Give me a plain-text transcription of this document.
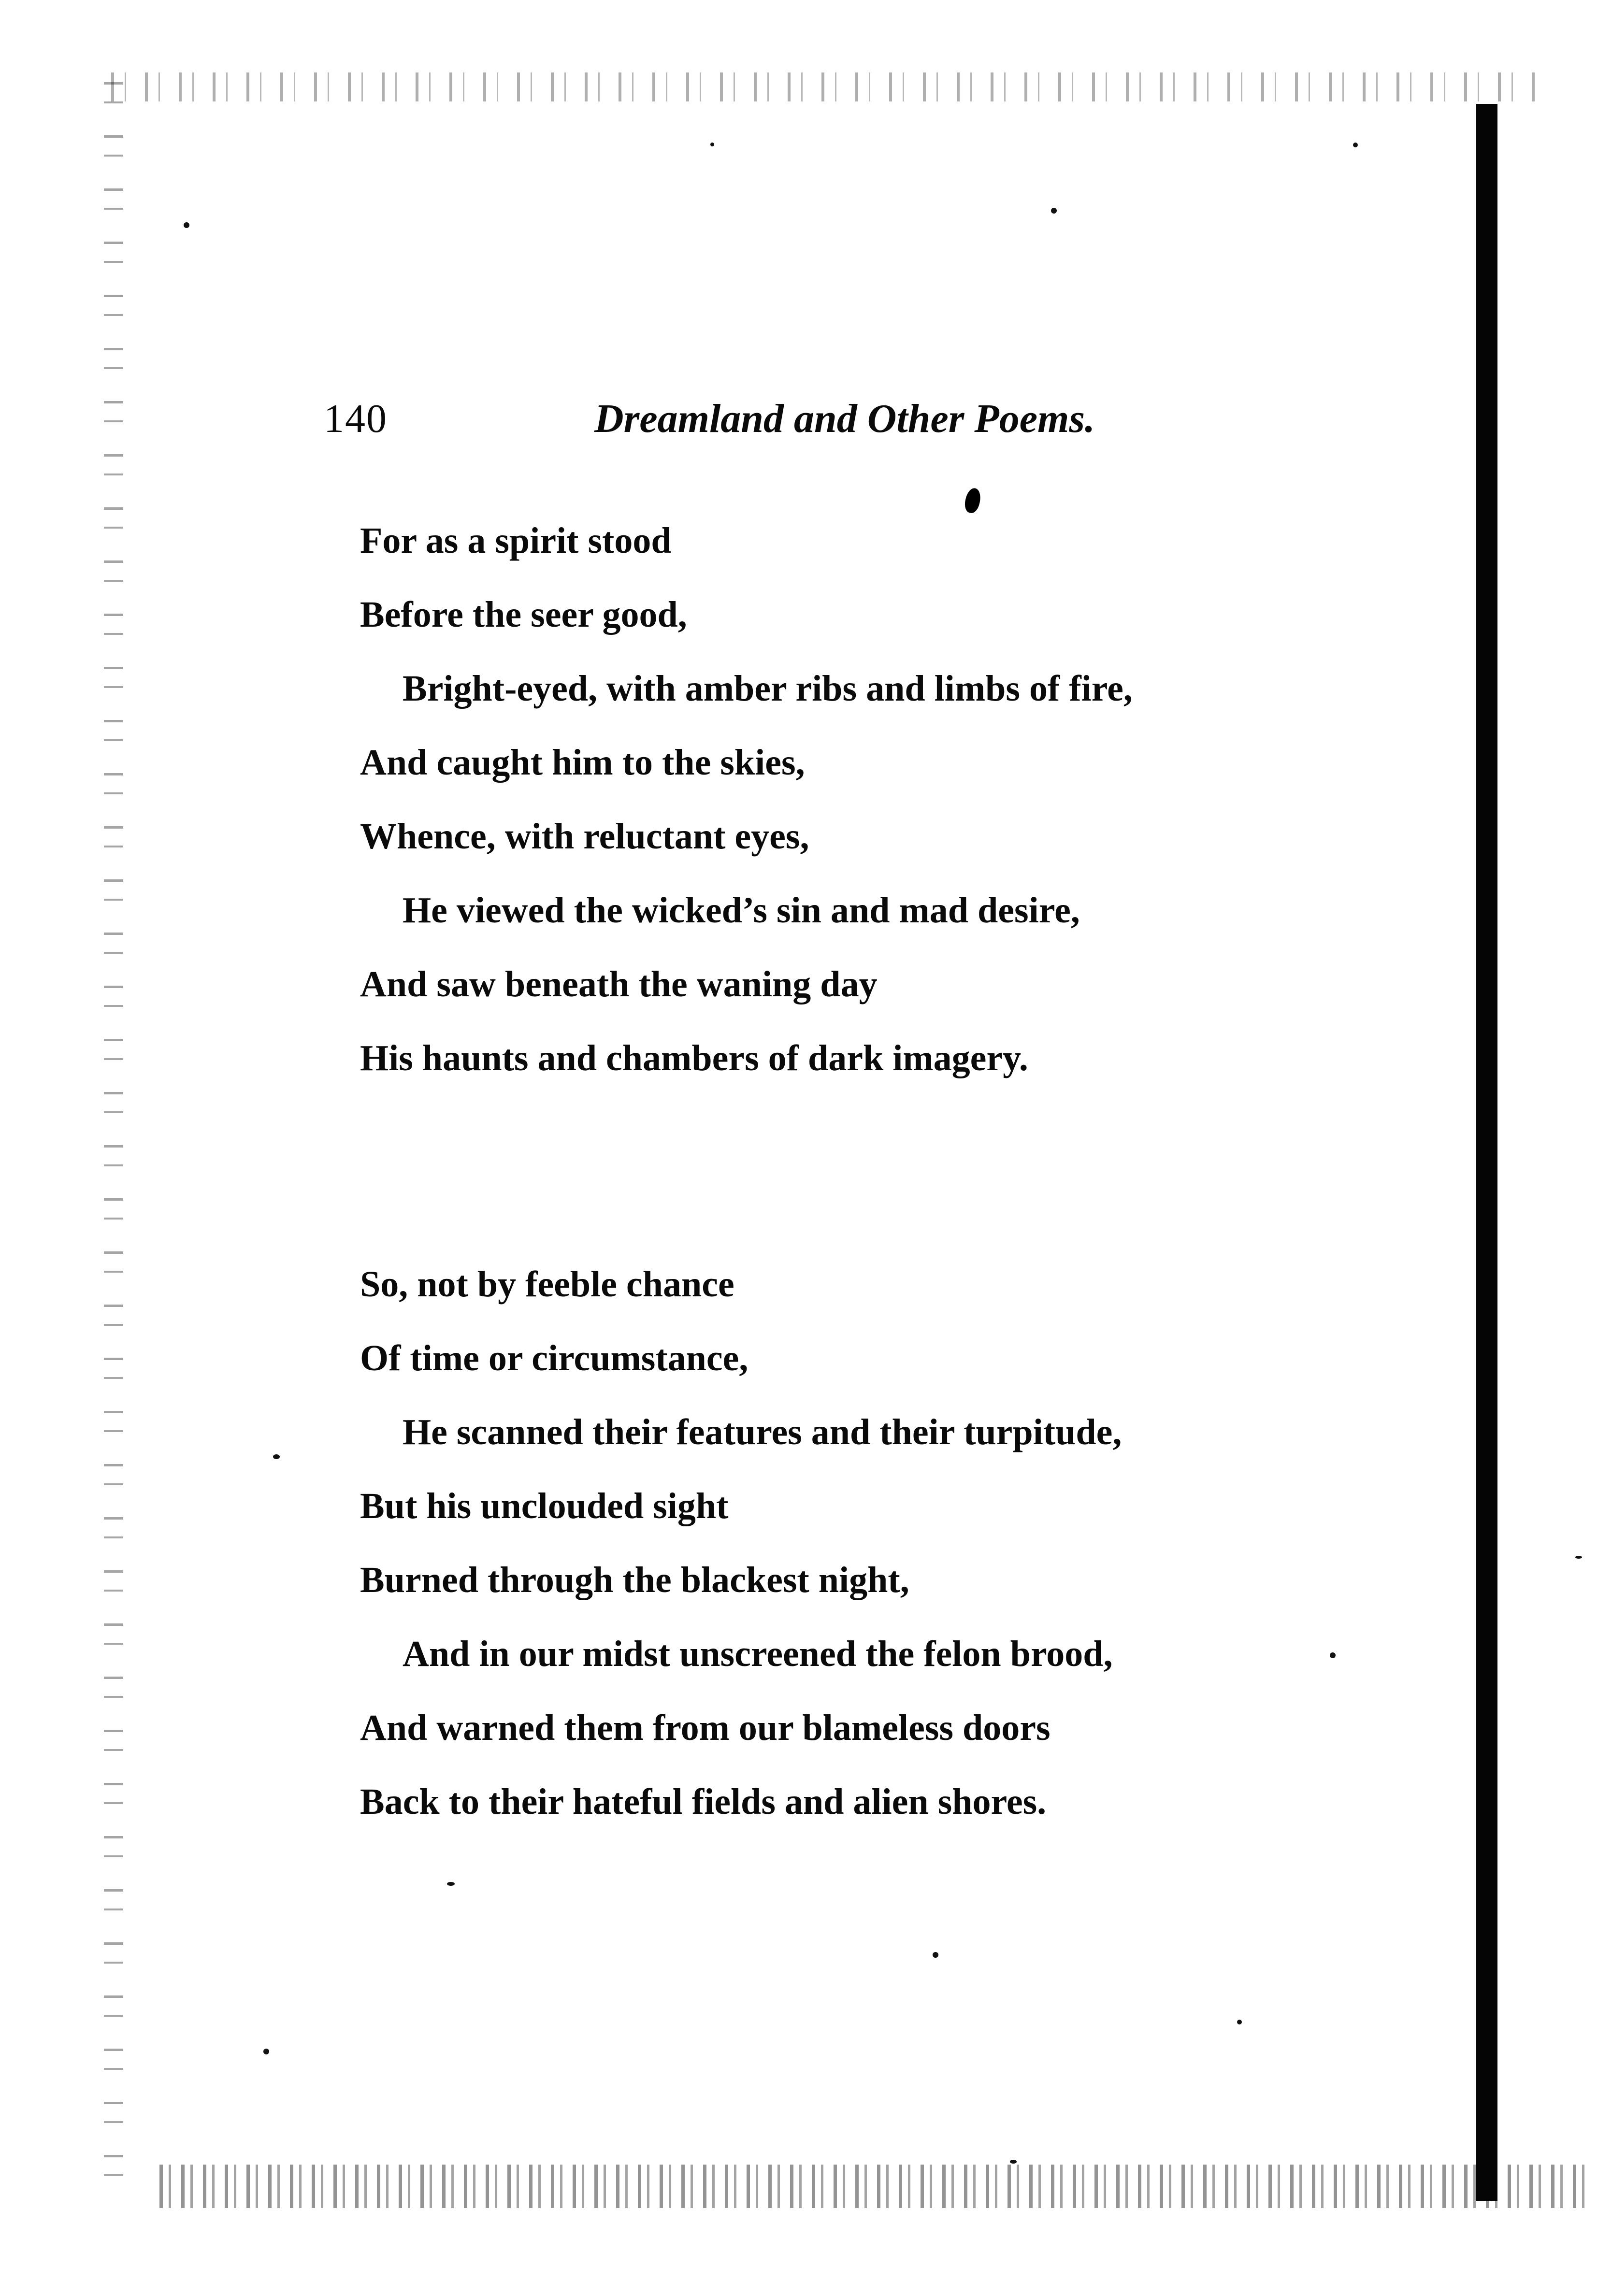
140	Dreamland and Other Poems.
For as a spirit stood
Before the seer good,
Bright-eyed, with amber ribs and limbs of fire,
And caught him to the skies,
Whence, with reluctant eyes,
He viewed the wicked’s sin and mad desire,
And saw beneath the waning day
His haunts and chambers of dark imagery.
So, not by feeble chance
Of time or circumstance,
He scanned their features and their turpitude,
But his unclouded sight
Burned through the blackest night,
And in our midst unscreened the felon brood,
And warned them from our blameless doors
Back to their hateful fields and alien shores.
